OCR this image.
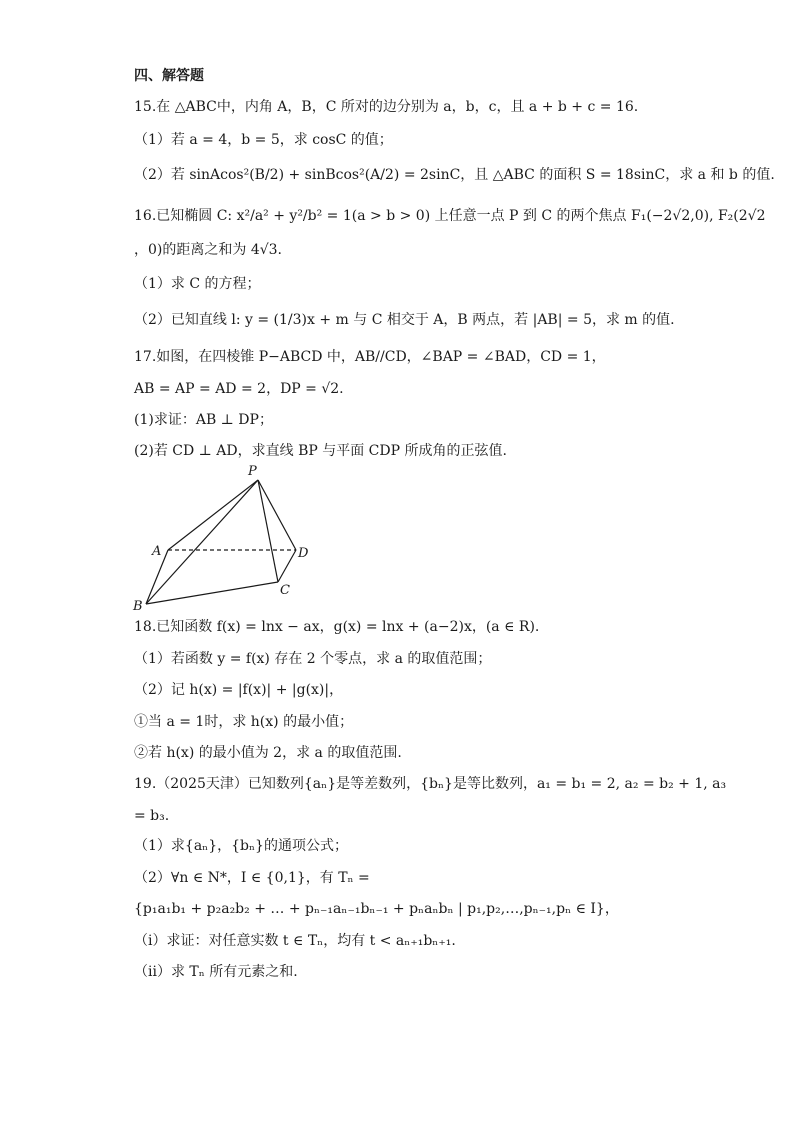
四、解答题
15.在 △ABC中，内角 A，B，C 所对的边分别为 a，b，c，且 a + b + c = 16.
（1）若 a = 4，b = 5，求 cosC 的值；
（2）若 sinAcos²(B/2) + sinBcos²(A/2) = 2sinC，且 △ABC 的面积 S = 18sinC，求 a 和 b 的值.
16.已知椭圆 C: x²/a² + y²/b² = 1(a > b > 0) 上任意一点 P 到 C 的两个焦点 F₁(−2√2,0), F₂(2√2
，0)的距离之和为 4√3.
（1）求 C 的方程；
（2）已知直线 l: y = (1/3)x + m 与 C 相交于 A，B 两点，若 |AB| = 5，求 m 的值.
17.如图，在四棱锥 P−ABCD 中，AB//CD，∠BAP = ∠BAD，CD = 1，
AB = AP = AD = 2，DP = √2.
(1)求证：AB ⊥ DP；
(2)若 CD ⊥ AD，求直线 BP 与平面 CDP 所成角的正弦值.
P
A
B
C
D
18.已知函数 f(x) = lnx − ax，g(x) = lnx + (a−2)x，(a ∈ R).
（1）若函数 y = f(x) 存在 2 个零点，求 a 的取值范围；
（2）记 h(x) = |f(x)| + |g(x)|，
①当 a = 1时，求 h(x) 的最小值；
②若 h(x) 的最小值为 2，求 a 的取值范围.
19.（2025天津）已知数列{aₙ}是等差数列，{bₙ}是等比数列，a₁ = b₁ = 2, a₂ = b₂ + 1, a₃
= b₃.
（1）求{aₙ}，{bₙ}的通项公式；
（2）∀n ∈ N*，I ∈ {0,1}，有 Tₙ =
{p₁a₁b₁ + p₂a₂b₂ + … + pₙ₋₁aₙ₋₁bₙ₋₁ + pₙaₙbₙ | p₁,p₂,…,pₙ₋₁,pₙ ∈ I}，
（i）求证：对任意实数 t ∈ Tₙ，均有 t < aₙ₊₁bₙ₊₁.
（ii）求 Tₙ 所有元素之和.
